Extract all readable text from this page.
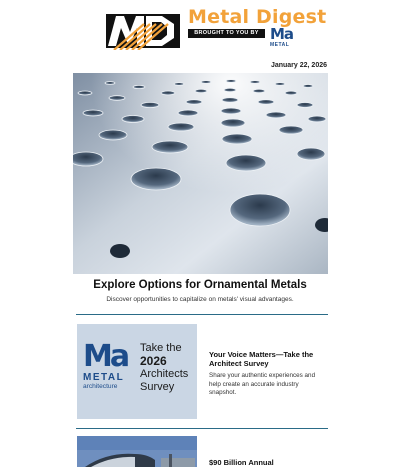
Metal Digest
BROUGHT TO YOU BY Ma
METAL
January 22, 2026
Explore Options for Ornamental Metals
Discover opportunities to capitalize on metals' visual advantages.
Ma
METAL
architecture
Take the
2026
Architects
Survey
Your Voice Matters—Take the Architect Survey
Share your authentic experiences and help create an accurate industry snapshot.
$90 Billion Annual
